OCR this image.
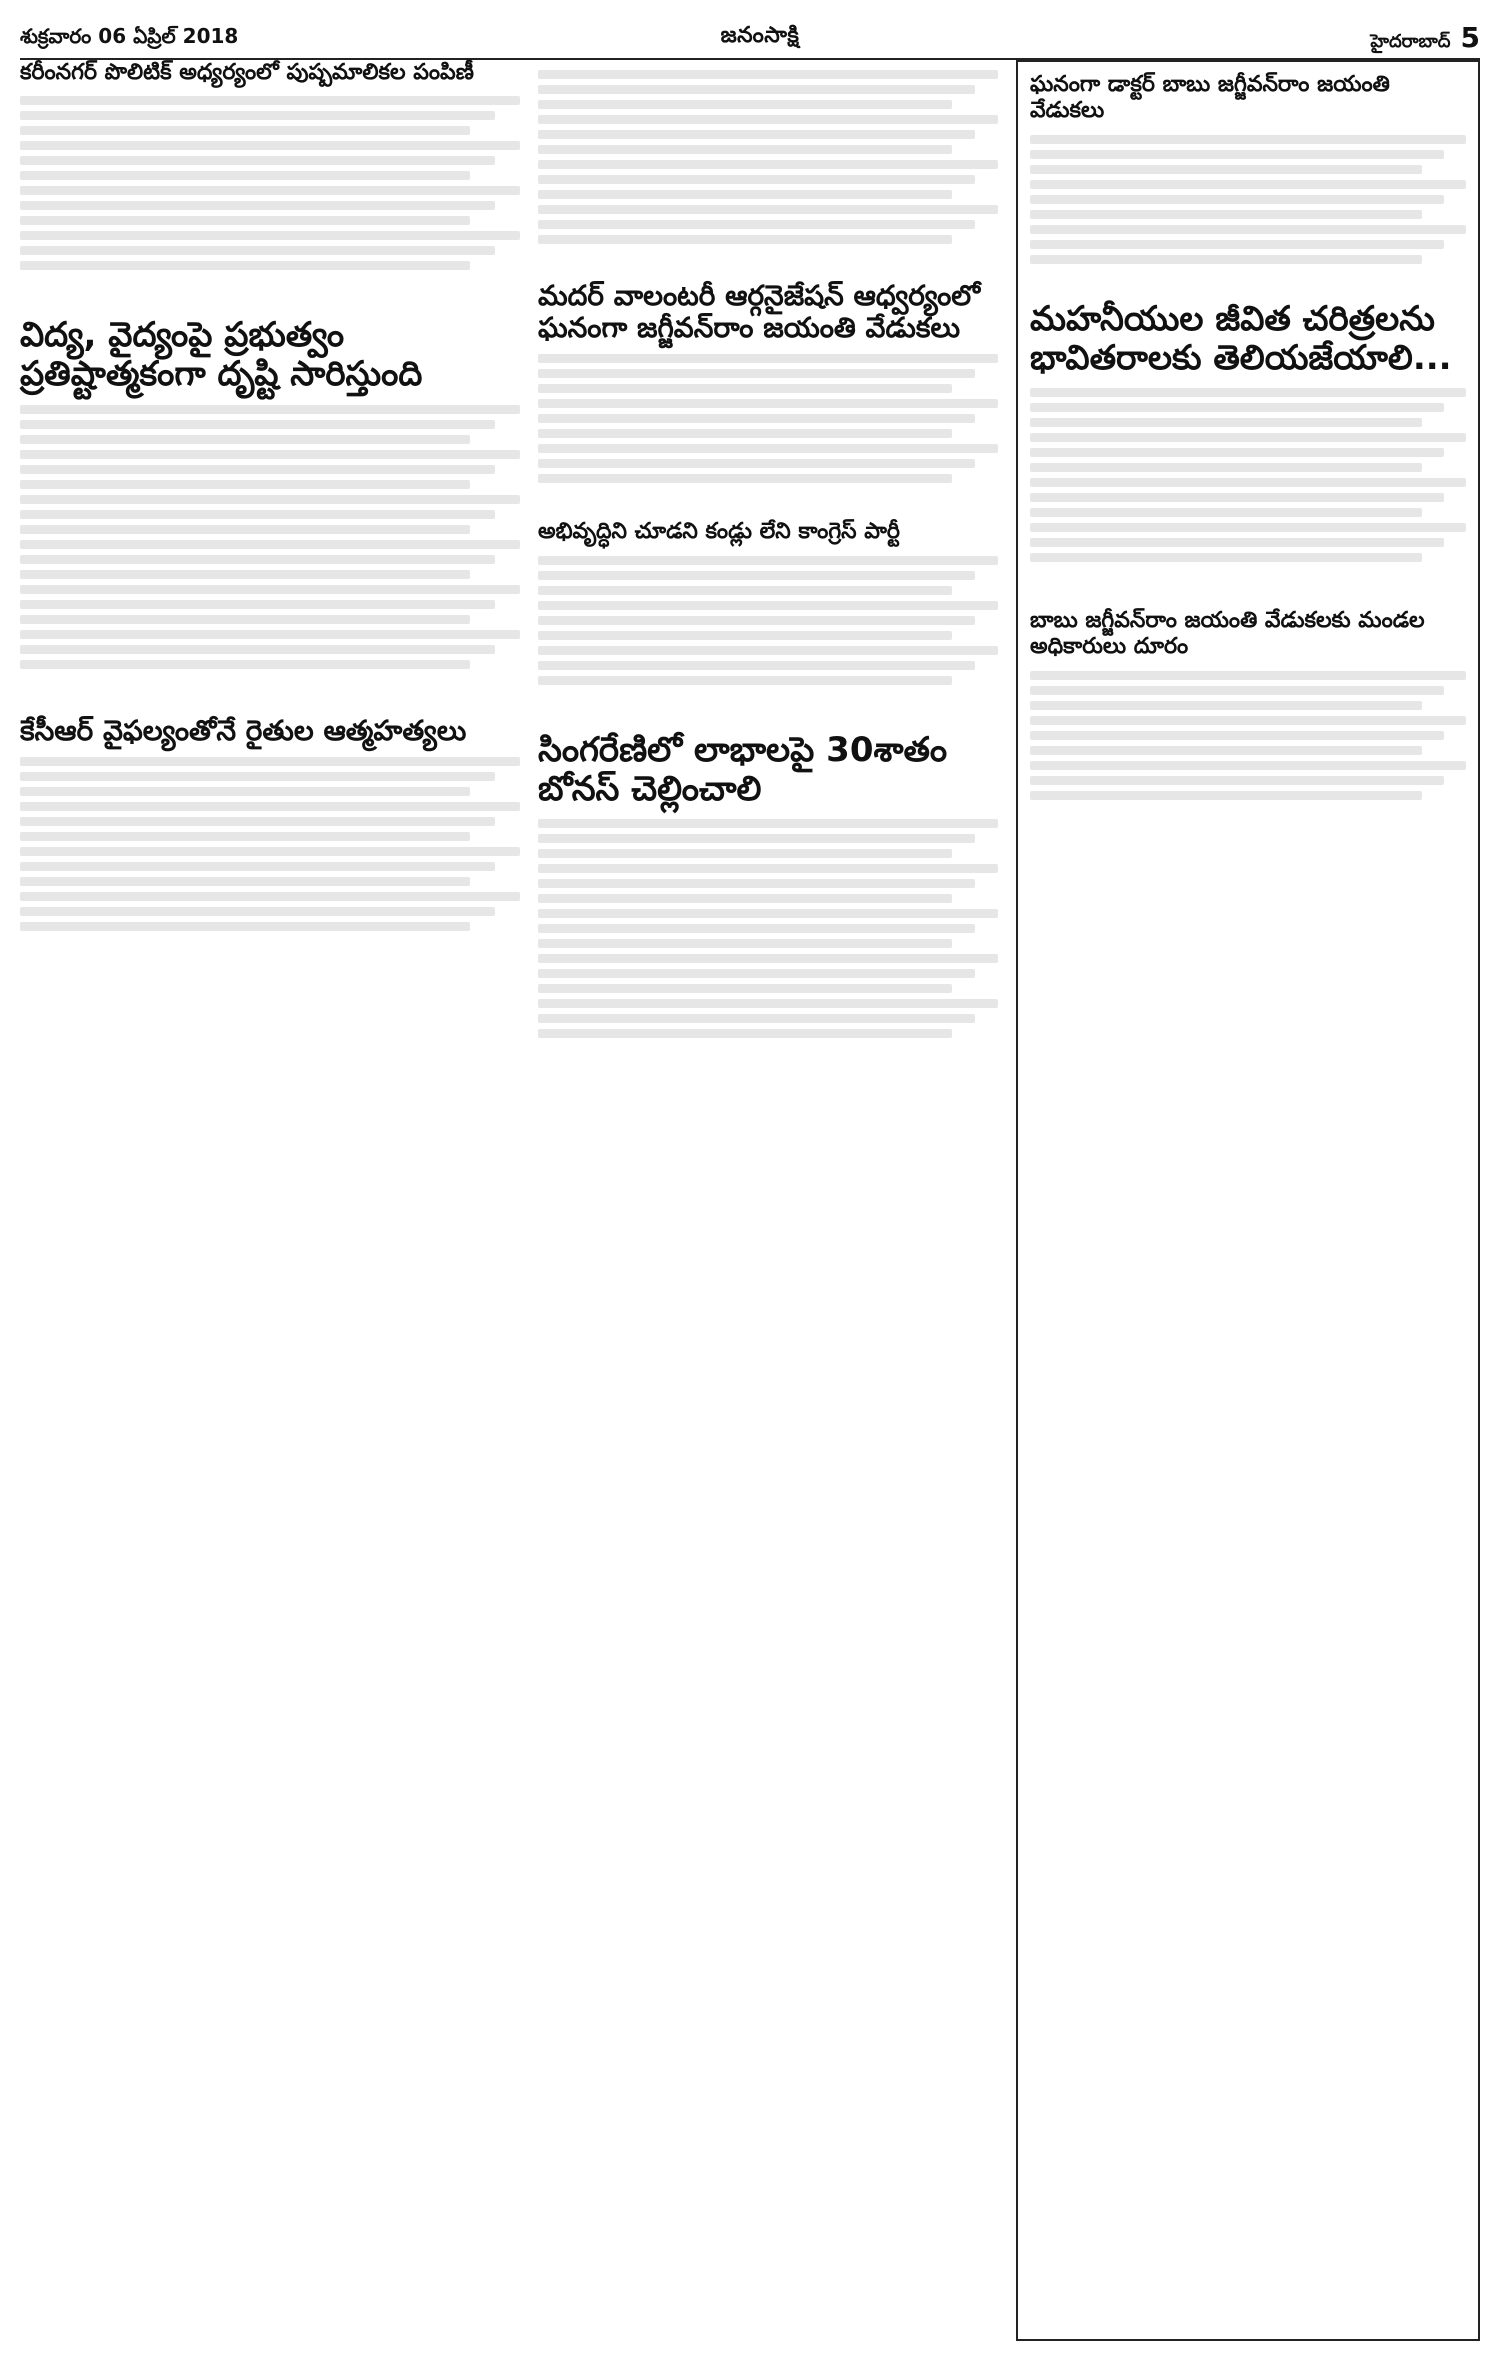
శుక్రవారం 06 ఏప్రిల్ 2018	జనంసాక్షి	హైదరాబాద్ 5
కరీంనగర్ పొలిటిక్ అధ్యర్యంలో పుష్పమాలికల పంపిణీ
విద్య, వైద్యంపై ప్రభుత్వం ప్రతిష్టాత్మకంగా దృష్టి సారిస్తుంది
కేసీఆర్ వైఫల్యంతోనే రైతుల ఆత్మహత్యలు
మదర్ వాలంటరీ ఆర్గనైజేషన్ ఆధ్వర్యంలో ఘనంగా జగ్జీవన్‌రాం జయంతి వేడుకలు
అభివృద్ధిని చూడని కండ్లు లేని కాంగ్రెస్ పార్టీ
సింగరేణిలో లాభాలపై 30శాతం బోనస్ చెల్లించాలి
ఘనంగా డాక్టర్ బాబు జగ్జీవన్‌రాం జయంతి వేడుకలు
మహనీయుల జీవిత చరిత్రలను భావితరాలకు తెలియజేయాలి...
బాబు జగ్జీవన్‌రాం జయంతి వేడుకలకు మండల అధికారులు దూరం
